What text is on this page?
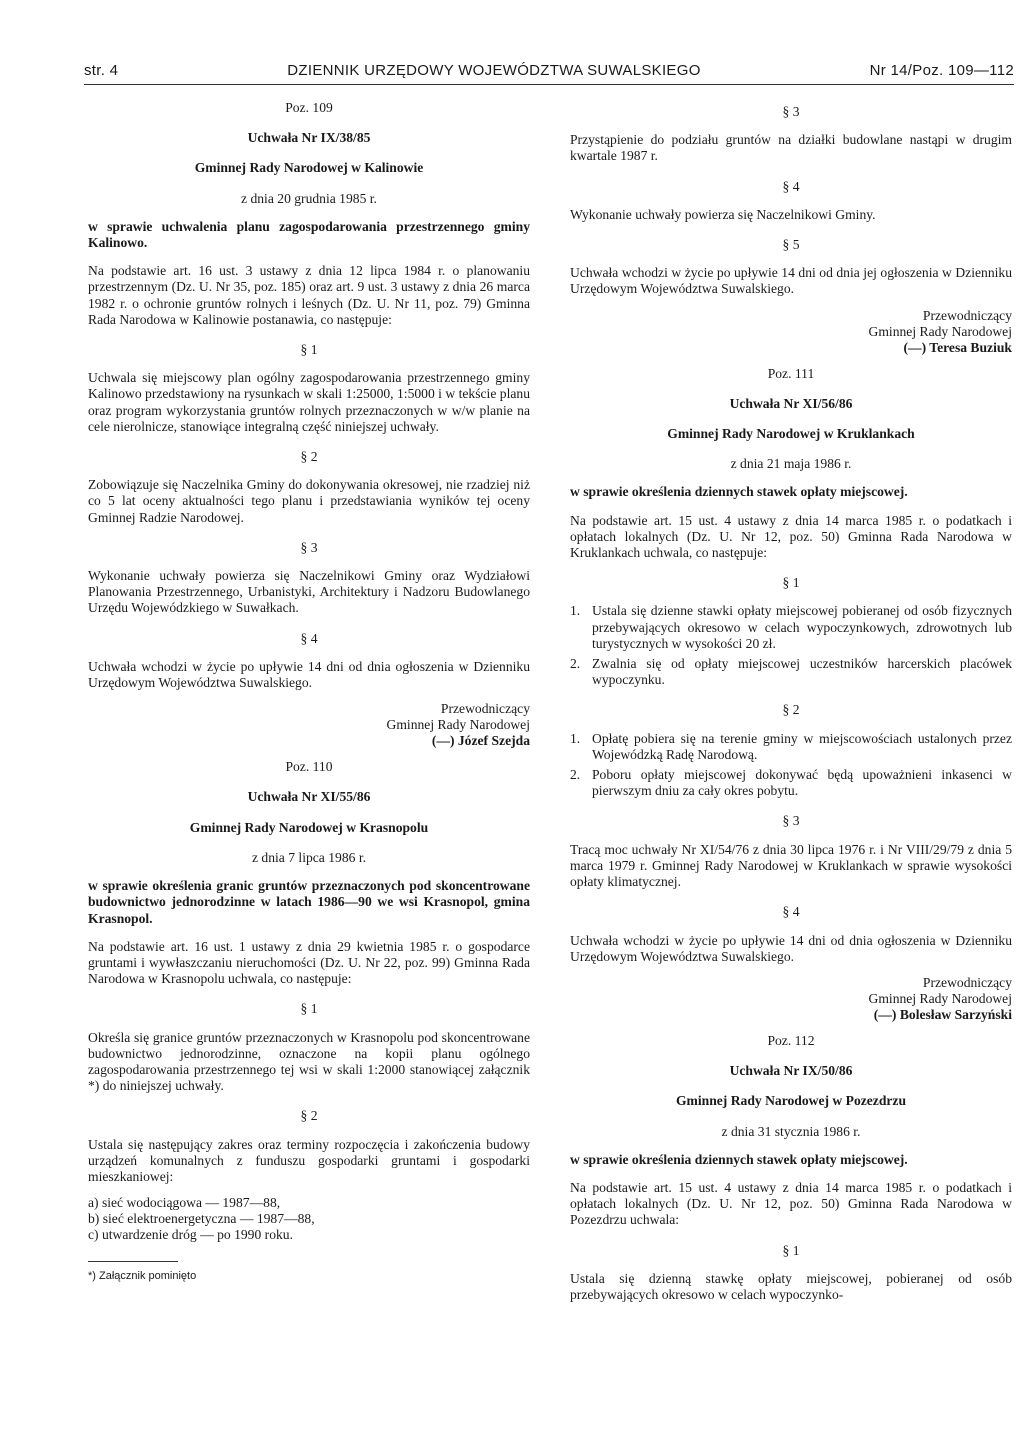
str. 4	DZIENNIK URZĘDOWY WOJEWÓDZTWA SUWALSKIEGO	Nr 14/Poz. 109—112
Poz. 109
Uchwała Nr IX/38/85
Gminnej Rady Narodowej w Kalinowie
z dnia 20 grudnia 1985 r.
w sprawie uchwalenia planu zagospodarowania przestrzennego gminy Kalinowo.
Na podstawie art. 16 ust. 3 ustawy z dnia 12 lipca 1984 r. o planowaniu przestrzennym (Dz. U. Nr 35, poz. 185) oraz art. 9 ust. 3 ustawy z dnia 26 marca 1982 r. o ochronie gruntów rolnych i leśnych (Dz. U. Nr 11, poz. 79) Gminna Rada Narodowa w Kalinowie postanawia, co następuje:
§ 1
Uchwala się miejscowy plan ogólny zagospodarowania przestrzennego gminy Kalinowo przedstawiony na rysunkach w skali 1:25000, 1:5000 i w tekście planu oraz program wykorzystania gruntów rolnych przeznaczonych w w/w planie na cele nierolnicze, stanowiące integralną część niniejszej uchwały.
§ 2
Zobowiązuje się Naczelnika Gminy do dokonywania okresowej, nie rzadziej niż co 5 lat oceny aktualności tego planu i przedstawiania wyników tej oceny Gminnej Radzie Narodowej.
§ 3
Wykonanie uchwały powierza się Naczelnikowi Gminy oraz Wydziałowi Planowania Przestrzennego, Urbanistyki, Architektury i Nadzoru Budowlanego Urzędu Wojewódzkiego w Suwałkach.
§ 4
Uchwała wchodzi w życie po upływie 14 dni od dnia ogłoszenia w Dzienniku Urzędowym Województwa Suwalskiego.
Przewodniczący
Gminnej Rady Narodowej
(—) Józef Szejda
Poz. 110
Uchwała Nr XI/55/86
Gminnej Rady Narodowej w Krasnopolu
z dnia 7 lipca 1986 r.
w sprawie określenia granic gruntów przeznaczonych pod skoncentrowane budownictwo jednorodzinne w latach 1986—90 we wsi Krasnopol, gmina Krasnopol.
Na podstawie art. 16 ust. 1 ustawy z dnia 29 kwietnia 1985 r. o gospodarce gruntami i wywłaszczaniu nieruchomości (Dz. U. Nr 22, poz. 99) Gminna Rada Narodowa w Krasnopolu uchwala, co następuje:
§ 1
Określa się granice gruntów przeznaczonych w Krasnopolu pod skoncentrowane budownictwo jednorodzinne, oznaczone na kopii planu ogólnego zagospodarowania przestrzennego tej wsi w skali 1:2000 stanowiącej załącznik *) do niniejszej uchwały.
§ 2
Ustala się następujący zakres oraz terminy rozpoczęcia i zakończenia budowy urządzeń komunalnych z funduszu gospodarki gruntami i gospodarki mieszkaniowej:
a) sieć wodociągowa — 1987—88,
b) sieć elektroenergetyczna — 1987—88,
c) utwardzenie dróg — po 1990 roku.
*) Załącznik pominięto
§ 3
Przystąpienie do podziału gruntów na działki budowlane nastąpi w drugim kwartale 1987 r.
§ 4
Wykonanie uchwały powierza się Naczelnikowi Gminy.
§ 5
Uchwała wchodzi w życie po upływie 14 dni od dnia jej ogłoszenia w Dzienniku Urzędowym Województwa Suwalskiego.
Przewodniczący
Gminnej Rady Narodowej
(—) Teresa Buziuk
Poz. 111
Uchwała Nr XI/56/86
Gminnej Rady Narodowej w Kruklankach
z dnia 21 maja 1986 r.
w sprawie określenia dziennych stawek opłaty miejscowej.
Na podstawie art. 15 ust. 4 ustawy z dnia 14 marca 1985 r. o podatkach i opłatach lokalnych (Dz. U. Nr 12, poz. 50) Gminna Rada Narodowa w Kruklankach uchwala, co następuje:
§ 1
1. Ustala się dzienne stawki opłaty miejscowej pobieranej od osób fizycznych przebywających okresowo w celach wypoczynkowych, zdrowotnych lub turystycznych w wysokości 20 zł.
2. Zwalnia się od opłaty miejscowej uczestników harcerskich placówek wypoczynku.
§ 2
1. Opłatę pobiera się na terenie gminy w miejscowościach ustalonych przez Wojewódzką Radę Narodową.
2. Poboru opłaty miejscowej dokonywać będą upoważnieni inkasenci w pierwszym dniu za cały okres pobytu.
§ 3
Tracą moc uchwały Nr XI/54/76 z dnia 30 lipca 1976 r. i Nr VIII/29/79 z dnia 5 marca 1979 r. Gminnej Rady Narodowej w Kruklankach w sprawie wysokości opłaty klimatycznej.
§ 4
Uchwała wchodzi w życie po upływie 14 dni od dnia ogłoszenia w Dzienniku Urzędowym Województwa Suwalskiego.
Przewodniczący
Gminnej Rady Narodowej
(—) Bolesław Sarzyński
Poz. 112
Uchwała Nr IX/50/86
Gminnej Rady Narodowej w Pozezdrzu
z dnia 31 stycznia 1986 r.
w sprawie określenia dziennych stawek opłaty miejscowej.
Na podstawie art. 15 ust. 4 ustawy z dnia 14 marca 1985 r. o podatkach i opłatach lokalnych (Dz. U. Nr 12, poz. 50) Gminna Rada Narodowa w Pozezdrzu uchwala:
§ 1
Ustala się dzienną stawkę opłaty miejscowej, pobieranej od osób przebywających okresowo w celach wypoczynko-
